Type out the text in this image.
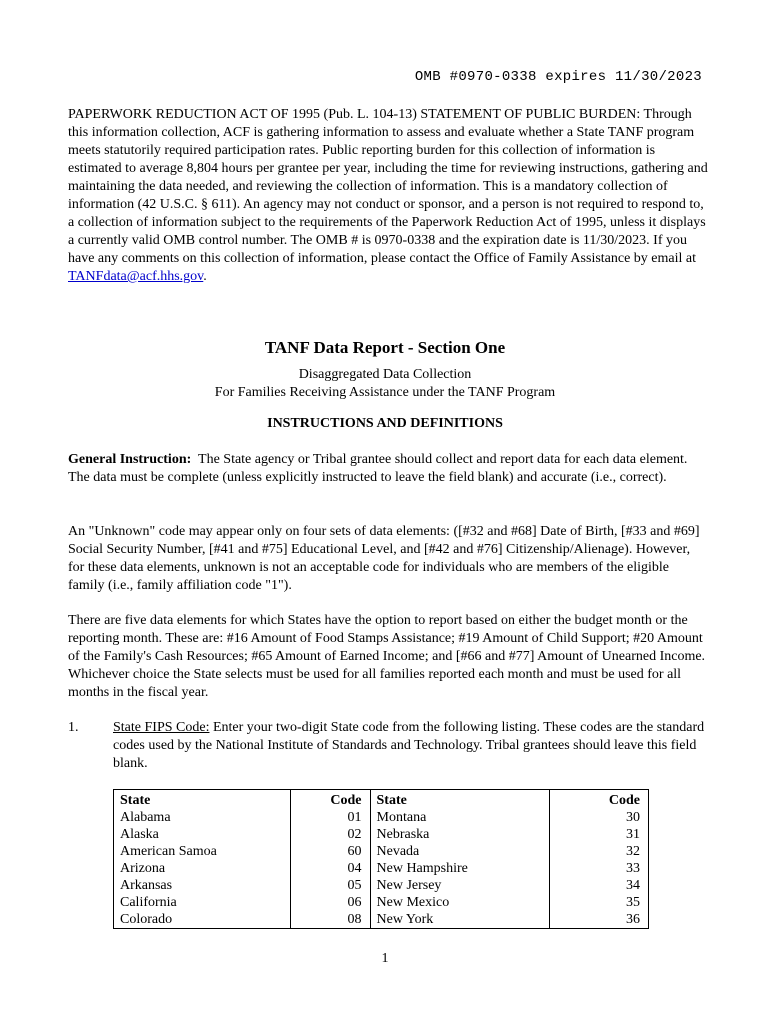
OMB #0970-0338 expires 11/30/2023

PAPERWORK REDUCTION ACT OF 1995 (Pub. L. 104-13) STATEMENT OF PUBLIC BURDEN: Through this information collection, ACF is gathering information to assess and evaluate whether a State TANF program meets statutorily required participation rates. Public reporting burden for this collection of information is estimated to average 8,804 hours per grantee per year, including the time for reviewing instructions, gathering and maintaining the data needed, and reviewing the collection of information. This is a mandatory collection of information (42 U.S.C. § 611). An agency may not conduct or sponsor, and a person is not required to respond to, a collection of information subject to the requirements of the Paperwork Reduction Act of 1995, unless it displays a currently valid OMB control number. The OMB # is 0970-0338 and the expiration date is 11/30/2023. If you have any comments on this collection of information, please contact the Office of Family Assistance by email at
TANFdata@acf.hhs.gov.

TANF Data Report - Section One

Disaggregated Data Collection
For Families Receiving Assistance under the TANF Program

INSTRUCTIONS AND DEFINITIONS

General Instruction:  The State agency or Tribal grantee should collect and report data for each data element.  The data must be complete (unless explicitly instructed to leave the field blank) and accurate (i.e., correct).

An "Unknown" code may appear only on four sets of data elements: ([#32 and #68] Date of Birth, [#33 and #69] Social Security Number, [#41 and #75] Educational Level, and [#42 and #76] Citizenship/Alienage). However, for these data elements, unknown is not an acceptable code for individuals who are members of the eligible family (i.e., family affiliation code "1").

There are five data elements for which States have the option to report based on either the budget month or the reporting month. These are: #16 Amount of Food Stamps Assistance; #19 Amount of Child Support; #20 Amount of the Family's Cash Resources; #65 Amount of Earned Income; and [#66 and #77] Amount of Unearned Income. Whichever choice the State selects must be used for all families reported each month and must be used for all months in the fiscal year.

1. State FIPS Code: Enter your two-digit State code from the following listing. These codes are the standard codes used by the National Institute of Standards and Technology. Tribal grantees should leave this field blank.
State	Code	State	Code
Alabama	01	Montana	30
Alaska	02	Nebraska	31
American Samoa	60	Nevada	32
Arizona	04	New Hampshire	33
Arkansas	05	New Jersey	34
California	06	New Mexico	35
Colorado	08	New York	36
1
